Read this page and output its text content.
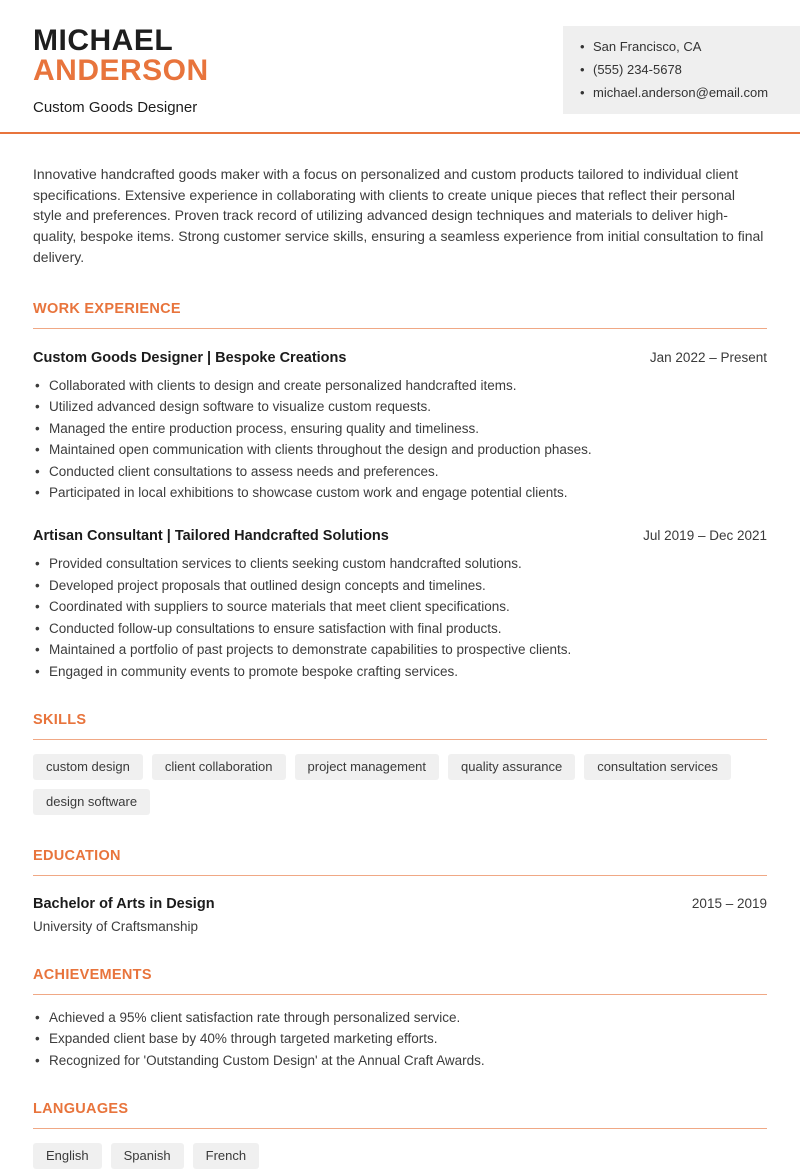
MICHAEL
ANDERSON
Custom Goods Designer
• San Francisco, CA
• (555) 234-5678
• michael.anderson@email.com

Innovative handcrafted goods maker with a focus on personalized and custom products tailored to individual client specifications. Extensive experience in collaborating with clients to create unique pieces that reflect their personal style and preferences. Proven track record of utilizing advanced design techniques and materials to deliver high-quality, bespoke items. Strong customer service skills, ensuring a seamless experience from initial consultation to final delivery.

WORK EXPERIENCE
Custom Goods Designer | Bespoke Creations	Jan 2022 – Present
• Collaborated with clients to design and create personalized handcrafted items.
• Utilized advanced design software to visualize custom requests.
• Managed the entire production process, ensuring quality and timeliness.
• Maintained open communication with clients throughout the design and production phases.
• Conducted client consultations to assess needs and preferences.
• Participated in local exhibitions to showcase custom work and engage potential clients.
Artisan Consultant | Tailored Handcrafted Solutions	Jul 2019 – Dec 2021
• Provided consultation services to clients seeking custom handcrafted solutions.
• Developed project proposals that outlined design concepts and timelines.
• Coordinated with suppliers to source materials that meet client specifications.
• Conducted follow-up consultations to ensure satisfaction with final products.
• Maintained a portfolio of past projects to demonstrate capabilities to prospective clients.
• Engaged in community events to promote bespoke crafting services.
SKILLS
custom design	client collaboration	project management	quality assurance	consultation services
design software
EDUCATION
Bachelor of Arts in Design	2015 – 2019
University of Craftsmanship
ACHIEVEMENTS
• Achieved a 95% client satisfaction rate through personalized service.
• Expanded client base by 40% through targeted marketing efforts.
• Recognized for 'Outstanding Custom Design' at the Annual Craft Awards.
LANGUAGES
English	Spanish	French
